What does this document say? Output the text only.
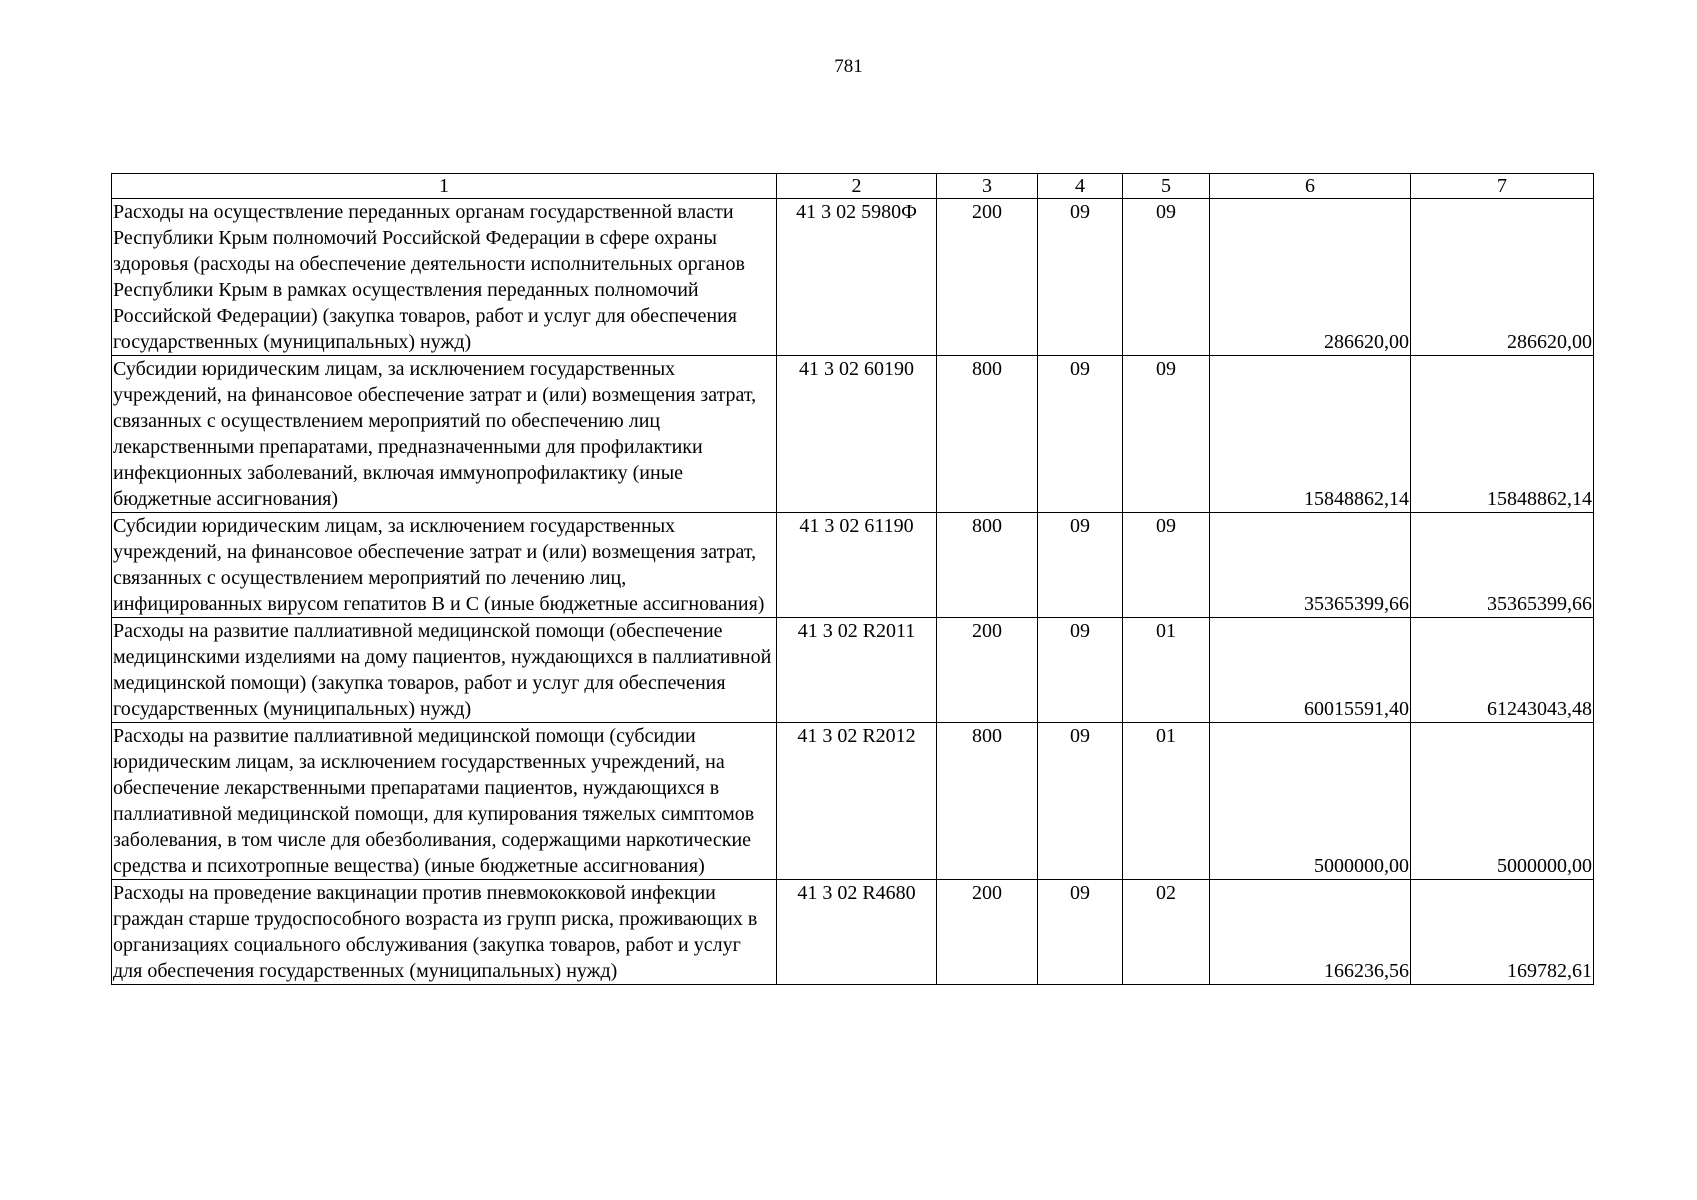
781
1	2	3	4	5	6	7
Расходы на осуществление переданных органам государственной власти Республики Крым полномочий Российской Федерации в сфере охраны здоровья (расходы на обеспечение деятельности исполнительных органов Республики Крым в рамках осуществления переданных полномочий Российской Федерации) (закупка товаров, работ и услуг для обеспечения государственных (муниципальных) нужд)	41 3 02 5980Ф	200	09	09	286620,00	286620,00
Субсидии юридическим лицам, за исключением государственных учреждений, на финансовое обеспечение затрат и (или) возмещения затрат, связанных с осуществлением мероприятий по обеспечению лиц лекарственными препаратами, предназначенными для профилактики инфекционных заболеваний, включая иммунопрофилактику (иные бюджетные ассигнования)	41 3 02 60190	800	09	09	15848862,14	15848862,14
Субсидии юридическим лицам, за исключением государственных учреждений, на финансовое обеспечение затрат и (или) возмещения затрат, связанных с осуществлением мероприятий по лечению лиц, инфицированных вирусом гепатитов В и С (иные бюджетные ассигнования)	41 3 02 61190	800	09	09	35365399,66	35365399,66
Расходы на развитие паллиативной медицинской помощи (обеспечение медицинскими изделиями на дому пациентов, нуждающихся в паллиативной медицинской помощи) (закупка товаров, работ и услуг для обеспечения государственных (муниципальных) нужд)	41 3 02 R2011	200	09	01	60015591,40	61243043,48
Расходы на развитие паллиативной медицинской помощи (субсидии юридическим лицам, за исключением государственных учреждений, на обеспечение лекарственными препаратами пациентов, нуждающихся в паллиативной медицинской помощи, для купирования тяжелых симптомов заболевания, в том числе для обезболивания, содержащими наркотические средства и психотропные вещества) (иные бюджетные ассигнования)	41 3 02 R2012	800	09	01	5000000,00	5000000,00
Расходы на проведение вакцинации против пневмококковой инфекции граждан старше трудоспособного возраста из групп риска, проживающих в организациях социального обслуживания (закупка товаров, работ и услуг для обеспечения государственных (муниципальных) нужд)	41 3 02 R4680	200	09	02	166236,56	169782,61
